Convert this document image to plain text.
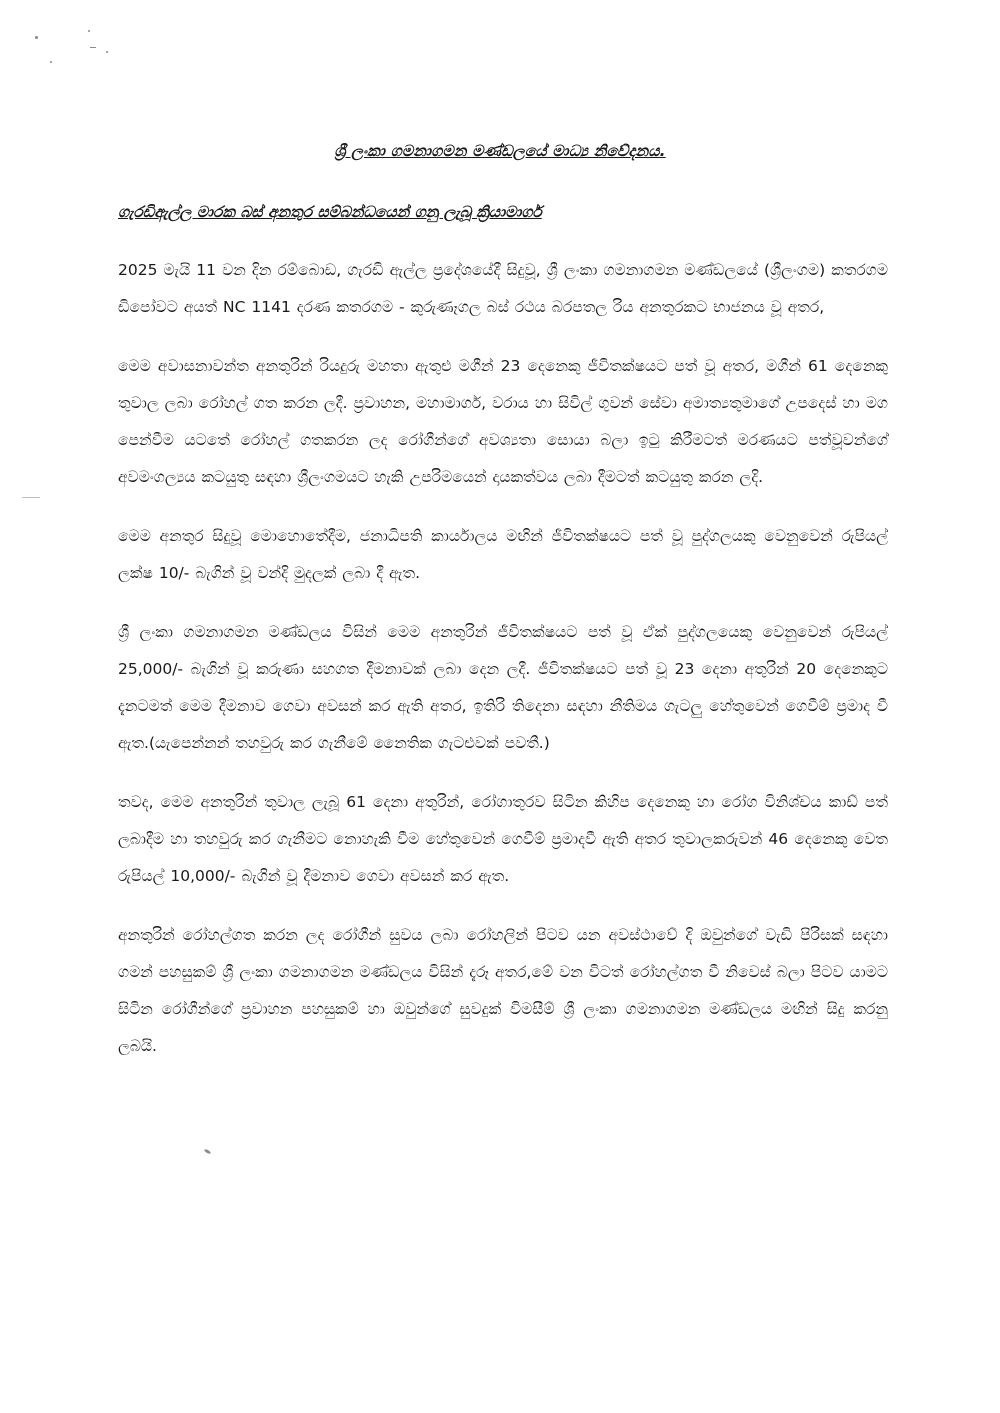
ශ්‍රී ලංකා ගමනාගමන මණ්ඩලයේ මාධ්‍ය නිවේදනය.
ගැරඩිඇල්ල මාරක බස් අනතුර සම්බන්ධයෙන් ගනු ලැබූ ක්‍රියාමාර්ග

2025 මැයි 11 වන දින රම්බොඩ, ගැරඩි ඇල්ල ප්‍රදේශයේදී සිදුවූ, ශ්‍රී ලංකා ගමනාගමන මණ්ඩලයේ (ශ්‍රීලංගම) කතරගම ඩිපෝවට අයත් NC 1141 දරණ කතරගම - කුරුණෑගල බස් රථය බරපතල රිය අනතුරකට භාජනය වූ අතර,

මෙම අවාසනාවන්ත අනතුරින් රියදුරු මහතා ඇතුළු මගීන් 23 දෙනෙකු ජීවිතක්ෂයට පත් වූ අතර, මගීන් 61 දෙනෙකු තුවාල ලබා රෝහල් ගත කරන ලදී. ප්‍රවාහන, මහාමාර්ග, වරාය හා සිවිල් ගුවන් සේවා අමාත්‍යතුමාගේ උපදෙස් හා මග පෙන්වීම යටතේ රෝහල් ගතකරන ලද රෝගීන්ගේ අවශ්‍යතා සොයා බලා ඉටු කිරීමටත් මරණයට පත්වූවන්ගේ අවමංගල්‍යය කටයුතු සඳහා ශ්‍රීලංගමයට හැකි උපරිමයෙන් දායකත්වය ලබා දීමටත් කටයුතු කරන ලදි.

මෙම අනතුර සිදුවූ මොහොතේදීම, ජනාධිපති කාර්යාලය මඟින් ජීවිතක්ෂයට පත් වූ පුද්ගලයකු වෙනුවෙන් රුපියල් ලක්ෂ 10/- බැගින් වූ වන්දි මුදලක් ලබා දී ඇත.

ශ්‍රී ලංකා ගමනාගමන මණ්ඩලය විසින් මෙම අනතුරින් ජීවිතක්ෂයට පත් වූ ඒක් පුද්ගලයෙකු වෙනුවෙන් රුපියල් 25,000/- බැගින් වූ කරුණා සහගත දීමනාවක් ලබා දෙන ලදී. ජීවිතක්ෂයට පත් වූ 23 දෙනා අතුරින් 20 දෙනෙකුට දැනටමත් මෙම දීමනාව ගෙවා අවසන් කර ඇති අතර, ඉතිරි තිදෙනා සඳහා නීතිමය ගැටලු හේතුවෙන් ගෙවීම් ප්‍රමාද වී ඇත.(යැපෙන්නන් තහවුරු කර ගැනීමේ නෛතික ගැටළුවක් පවතී.)

තවද, මෙම අනතුරින් තුවාල ලැබූ 61 දෙනා අතුරින්, රෝගාතුරව සිටින කිහිප දෙනෙකු හා රෝග විනිශ්චය කාඩ් පත් ලබාදීම හා තහවුරු කර ගැනීමට නොහැකි වීම හේතුවෙන් ගෙවීම් ප්‍රමාදවී ඇති අතර තුවාලකරුවන් 46 දෙනෙකු වෙත රුපියල් 10,000/- බැගින් වූ දීමනාව ගෙවා අවසන් කර ඇත.

අනතුරින් රෝහල්ගත කරන ලද රෝගීන් සුවය ලබා රෝහලින් පිටව යන අවස්ථාවේ දි ඔවුන්ගේ වැඩි පිරිසක් සඳහා ගමන් පහසුකම් ශ්‍රී ලංකා ගමනාගමන මණ්ඩලය විසින් දැරූ අතර,මේ වන විටත් රෝහල්ගත වී නිවෙස් බලා පිටව යාමට සිටින රෝගීන්ගේ ප්‍රවාහන පහසුකම් හා ඔවුන්ගේ සුවදුක් විමසීම් ශ්‍රී ලංකා ගමනාගමන මණ්ඩලය මඟින් සිදු කරනු ලබයි.
